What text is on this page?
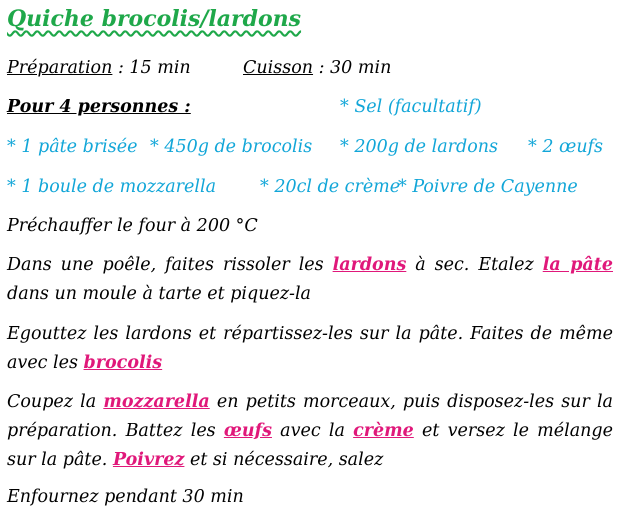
Quiche brocolis/lardons
Préparation : 15 min	Cuisson : 30 min
Pour 4 personnes :	* Sel (facultatif)
* 1 pâte brisée * 450g de brocolis * 200g de lardons * 2 œufs
* 1 boule de mozzarella	* 20cl de crème
* Poivre de Cayenne
Préchauffer le four à 200 °C
Dans une poêle, faites rissoler les lardons à sec. Etalez la pâte dans un moule à tarte et piquez-la
Egouttez les lardons et répartissez-les sur la pâte. Faites de même avec les brocolis
Coupez la mozzarella en petits morceaux, puis disposez-les sur la préparation. Battez les œufs avec la crème et versez le mélange sur la pâte. Poivrez et si nécessaire, salez
Enfournez pendant 30 min
